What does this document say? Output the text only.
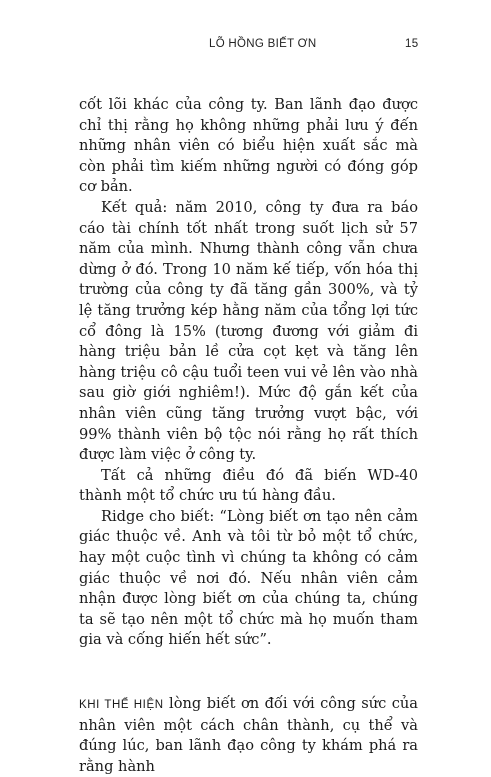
LÕ HỒNG BIẾT ƠN	15

cốt lõi khác của công ty. Ban lãnh đạo được chỉ thị rằng họ không những phải lưu ý đến những nhân viên có biểu hiện xuất sắc mà còn phải tìm kiếm những người có đóng góp cơ bản.

Kết quả: năm 2010, công ty đưa ra báo cáo tài chính tốt nhất trong suốt lịch sử 57 năm của mình. Nhưng thành công vẫn chưa dừng ở đó. Trong 10 năm kế tiếp, vốn hóa thị trường của công ty đã tăng gần 300%, và tỷ lệ tăng trưởng kép hằng năm của tổng lợi tức cổ đông là 15% (tương đương với giảm đi hàng triệu bản lề cửa cọt kẹt và tăng lên hàng triệu cô cậu tuổi teen vui vẻ lên vào nhà sau giờ giới nghiêm!). Mức độ gắn kết của nhân viên cũng tăng trưởng vượt bậc, với 99% thành viên bộ tộc nói rằng họ rất thích được làm việc ở công ty.

Tất cả những điều đó đã biến WD-40 thành một tổ chức ưu tú hàng đầu.

Ridge cho biết: “Lòng biết ơn tạo nên cảm giác thuộc về. Anh và tôi từ bỏ một tổ chức, hay một cuộc tình vì chúng ta không có cảm giác thuộc về nơi đó. Nếu nhân viên cảm nhận được lòng biết ơn của chúng ta, chúng ta sẽ tạo nên một tổ chức mà họ muốn tham gia và cống hiến hết sức”.

KHI THỂ HIỆN lòng biết ơn đối với công sức của nhân viên một cách chân thành, cụ thể và đúng lúc, ban lãnh đạo công ty khám phá ra rằng hành
